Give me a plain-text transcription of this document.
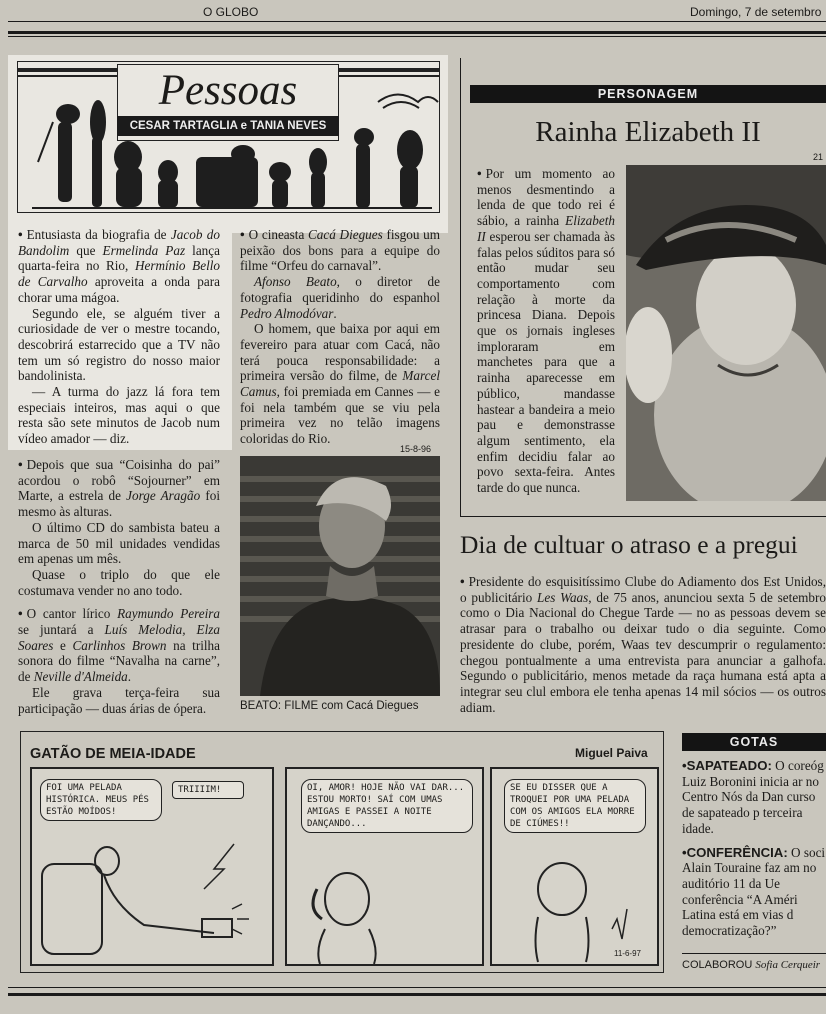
O GLOBO	Domingo, 7 de setembro
Pessoas
CESAR TARTAGLIA e TANIA NEVES

• Entusiasta da biografia de Jacob do Bandolim que Ermelinda Paz lança quarta-feira no Rio, Hermínio Bello de Carvalho aproveita a onda para chorar uma mágoa.

Segundo ele, se alguém tiver a curiosidade de ver o mestre tocando, descobrirá estarrecido que a TV não tem um só registro do nosso maior bandolinista.

— A turma do jazz lá fora tem especiais inteiros, mas aqui o que resta são sete minutos de Jacob num vídeo amador — diz.

• Depois que sua “Coisinha do pai” acordou o robô “Sojourner” em Marte, a estrela de Jorge Aragão foi mesmo às alturas.

O último CD do sambista bateu a marca de 50 mil unidades vendidas em apenas um mês.

Quase o triplo do que ele costumava vender no ano todo.

• O cantor lírico Raymundo Pereira se juntará a Luís Melodia, Elza Soares e Carlinhos Brown na trilha sonora do filme “Navalha na carne”, de Neville d'Almeida.

Ele grava terça-feira sua participação — duas árias de ópera.

• O cineasta Cacá Diegues fisgou um peixão dos bons para a equipe do filme “Orfeu do carnaval”.

Afonso Beato, o diretor de fotografia queridinho do espanhol Pedro Almodóvar.

O homem, que baixa por aqui em fevereiro para atuar com Cacá, não terá pouca responsabilidade: a primeira versão do filme, de Marcel Camus, foi premiada em Cannes — e foi nela também que se viu pela primeira vez no telão imagens coloridas do Rio.

15-8-96
BEATO: FILME com Cacá Diegues
PERSONAGEM
Rainha Elizabeth II
21

• Por um momento ao menos desmentindo a lenda de que todo rei é sábio, a rainha Elizabeth II esperou ser chamada às falas pelos súditos para só então mudar seu comportamento com relação à morte da princesa Diana. Depois que os jornais ingleses imploraram em manchetes para que a rainha aparecesse em público, mandasse hastear a bandeira a meio pau e demonstrasse algum sentimento, ela enfim decidiu falar ao povo sexta-feira. Antes tarde do que nunca.

Dia de cultuar o atraso e a pregui

• Presidente do esquisitíssimo Clube do Adiamento dos Est Unidos, o publicitário Les Waas, de 75 anos, anunciou sexta 5 de setembro como o Dia Nacional do Chegue Tarde — no as pessoas devem se atrasar para o trabalho ou deixar tudo o dia seguinte. Como presidente do clube, porém, Waas tev descumprir o regulamento: chegou pontualmente a uma entrevista para anunciar a galhofa. Segundo o publicitário, menos metade da raça humana está apta a integrar seu clul embora ele tenha apenas 14 mil sócios — os outros adiam.

GATÃO DE MEIA-IDADE	Miguel Paiva
FOI UMA PELADA HISTÓRICA. MEUS PÉS ESTÃO MOÍDOS!
TRIIIIM!	OI, AMOR! HOJE NÃO VAI DAR... ESTOU MORTO! SAÍ COM UMAS AMIGAS E PASSEI A NOITE DANÇANDO...
SE EU DISSER QUE A TROQUEI POR UMA PELADA COM OS AMIGOS ELA MORRE DE CIÚMES!!
11-6-97
GOTAS

•SAPATEADO: O coreóg Luiz Boronini inicia ar no Centro Nós da Dan curso de sapateado p terceira idade.

•CONFERÊNCIA: O soci Alain Touraine faz am no auditório 11 da Ue conferência “A Améri Latina está em vias d democratização?”

COLABOROU Sofia Cerqueir
